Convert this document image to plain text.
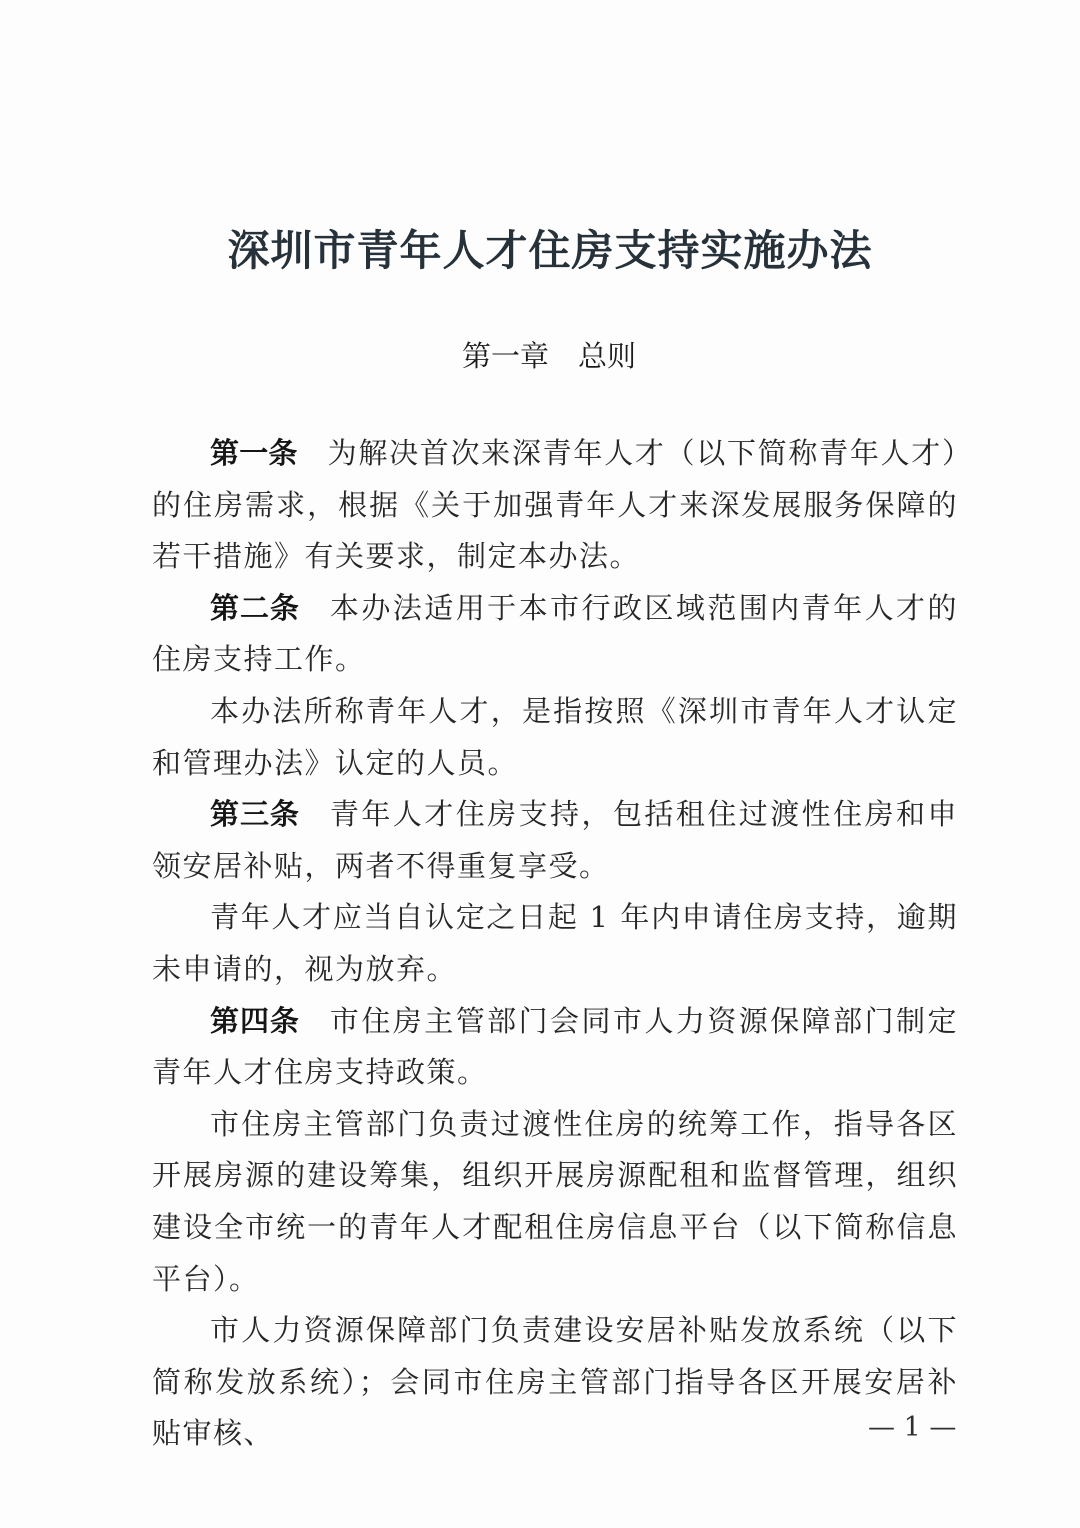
深圳市青年人才住房支持实施办法
第一章　总则

第一条 为解决首次来深青年人才（以下简称青年人才）的住房需求，根据《关于加强青年人才来深发展服务保障的若干措施》有关要求，制定本办法。

第二条 本办法适用于本市行政区域范围内青年人才的住房支持工作。

本办法所称青年人才，是指按照《深圳市青年人才认定和管理办法》认定的人员。

第三条 青年人才住房支持，包括租住过渡性住房和申领安居补贴，两者不得重复享受。

青年人才应当自认定之日起 1 年内申请住房支持，逾期未申请的，视为放弃。

第四条 市住房主管部门会同市人力资源保障部门制定青年人才住房支持政策。

市住房主管部门负责过渡性住房的统筹工作，指导各区开展房源的建设筹集，组织开展房源配租和监督管理，组织建设全市统一的青年人才配租住房信息平台（以下简称信息平台）。

市人力资源保障部门负责建设安居补贴发放系统（以下简称发放系统）；会同市住房主管部门指导各区开展安居补贴审核、	— 1 —
